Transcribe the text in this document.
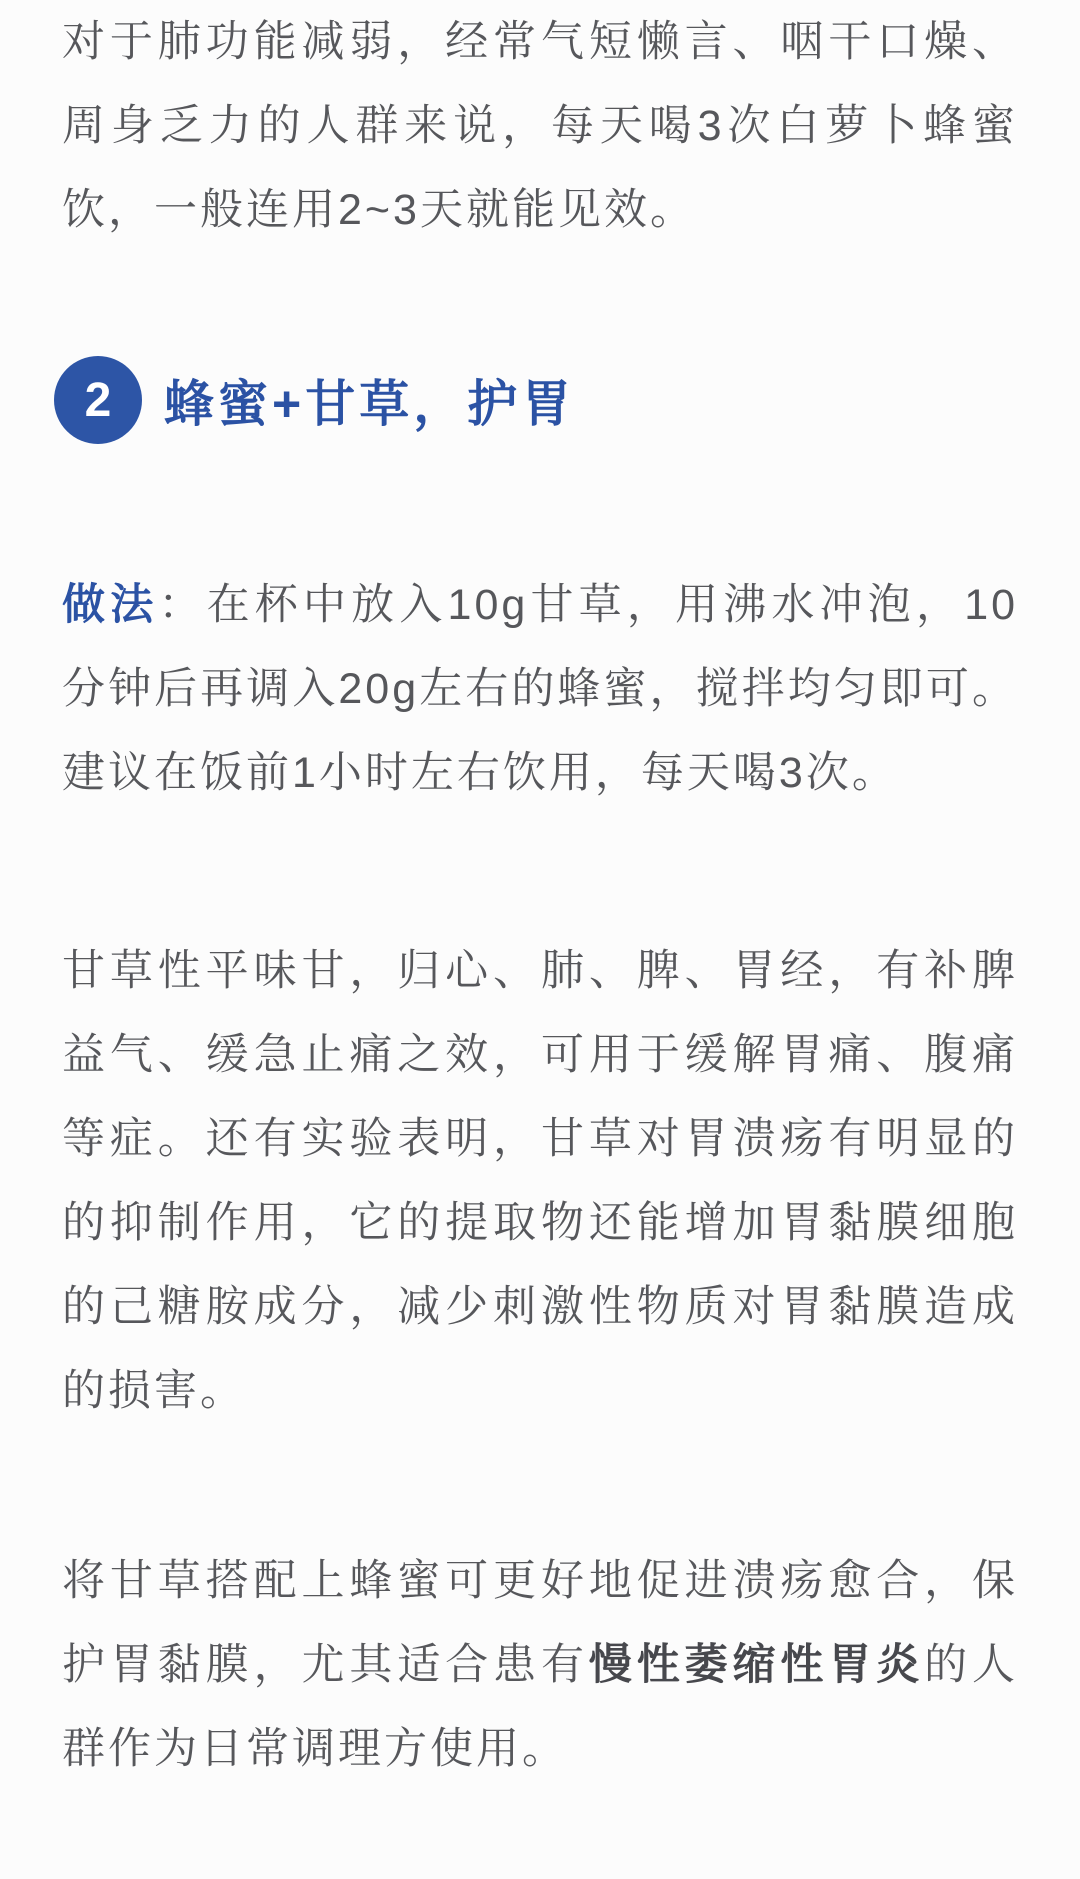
对于肺功能减弱，经常气短懒言、咽干口燥、周身乏力的人群来说，每天喝3次白萝卜蜂蜜饮，一般连用2~3天就能见效。

2	蜂蜜+甘草，护胃

做法：在杯中放入10g甘草，用沸水冲泡，10分钟后再调入20g左右的蜂蜜，搅拌均匀即可。建议在饭前1小时左右饮用，每天喝3次。

甘草性平味甘，归心、肺、脾、胃经，有补脾益气、缓急止痛之效，可用于缓解胃痛、腹痛等症。还有实验表明，甘草对胃溃疡有明显的的抑制作用，它的提取物还能增加胃黏膜细胞的己糖胺成分，减少刺激性物质对胃黏膜造成的损害。

将甘草搭配上蜂蜜可更好地促进溃疡愈合，保护胃黏膜，尤其适合患有慢性萎缩性胃炎的人群作为日常调理方使用。
